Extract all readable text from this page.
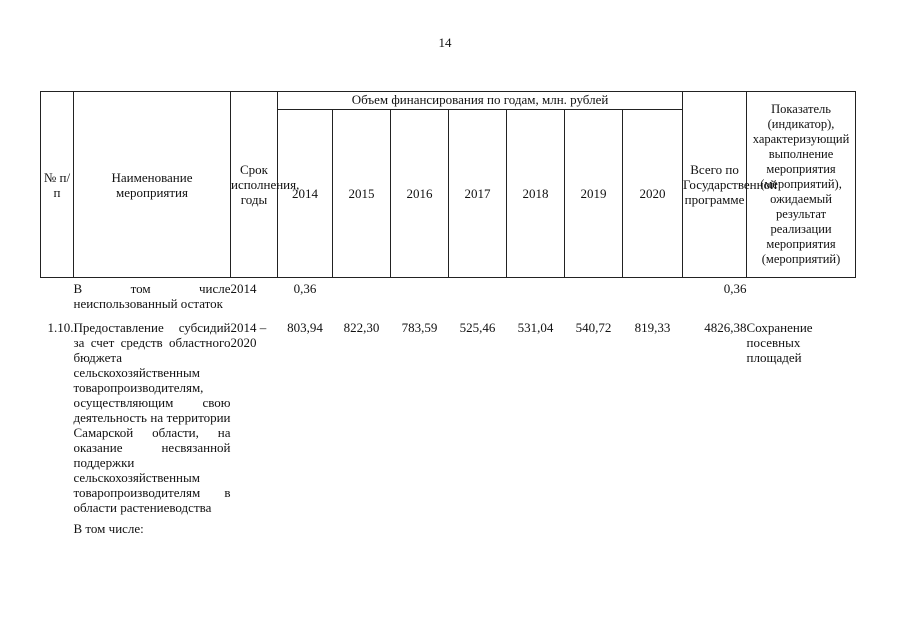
14
№ п/п	Наименование мероприятия	Срок исполнения, годы	Объем финансирования по годам, млн. рублей							Всего по Государственной программе	Показатель (индикатор), характеризующий выполнение мероприятия (мероприятий), ожидаемый результат реализации мероприятия (мероприятий)
			2014	2015	2016	2017	2018	2019	2020		
	В том числе неиспользованный остаток	2014	0,36							0,36	
1.10.	Предоставление субсидий за счет средств областного бюджета сельскохозяйственным товаропроизводителям, осуществляющим свою деятельность на территории Самарской области, на оказание несвязанной поддержки сельскохозяйственным товаропроизводителям в области растениеводства	2014 – 2020	803,94	822,30	783,59	525,46	531,04	540,72	819,33	4826,38	Сохранение посевных площадей
	В том числе:										
